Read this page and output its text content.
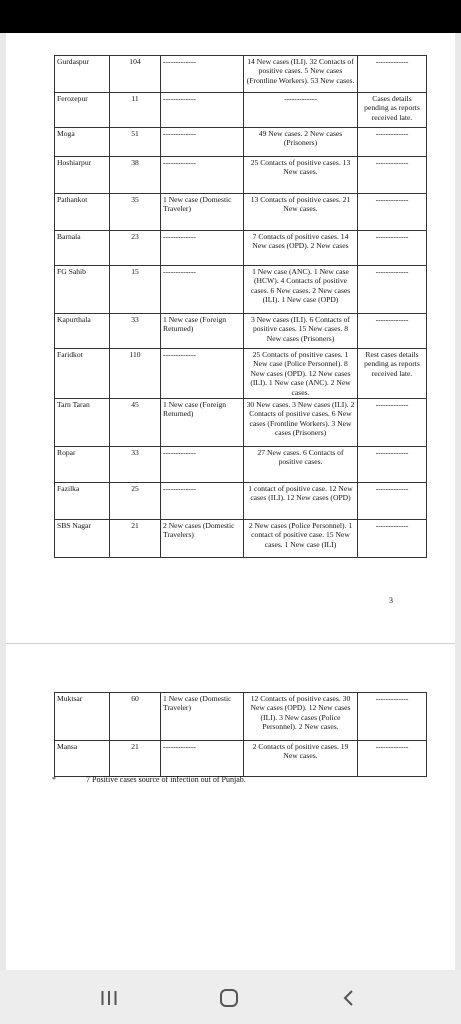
Gurdaspur	104	-------------	14 New cases (ILI). 32 Contacts of positive cases. 5 New cases (Frontline Workers). 53 New cases.	-------------
Ferozepur	11	-------------	-------------	Cases details pending as reports received late.
Moga	51	-------------	49 New cases. 2 New cases (Prisoners)	-------------
Hoshiarpur	38	-------------	25 Contacts of positive cases. 13 New cases.	-------------
Pathankot	35	1 New case (Domestic Traveler)	13 Contacts of positive cases. 21 New cases.	-------------
Barnala	23	-------------	7 Contacts of positive cases. 14 New cases (OPD). 2 New cases	-------------
FG Sahib	15	-------------	1 New case (ANC). 1 New case (HCW). 4 Contacts of positive cases. 6 New cases. 2 New cases (ILI). 1 New case (OPD)	-------------
Kapurthala	33	1 New case (Foreign Returned)	3 New cases (ILI). 6 Contacts of positive cases. 15 New cases. 8 New cases (Prisoners)	-------------
Faridkot	110	-------------	25 Contacts of positive cases. 1 New case (Police Personnel). 8 New cases (OPD). 12 New cases (ILI). 1 New case (ANC). 2 New cases.	Rest cases details pending as reports received late.
Tarn Taran	45	1 New case (Foreign Returned)	30 New cases. 3 New cases (ILI). 2 Contacts of positive cases. 6 New cases (Frontline Workers). 3 New cases (Prisoners)	-------------
Ropar	33	-------------	27 New cases. 6 Contacts of positive cases.	-------------
Fazilka	25	-------------	1 contact of positive case. 12 New cases (ILI). 12 New cases (OPD)	-------------
SBS Nagar	21	2 New cases (Domestic Travelers)	2 New cases (Police Personnel). 1 contact of positive case. 15 New cases. 1 New case (ILI)	-------------
3
Muktsar	60	1 New case (Domestic Traveler)	12 Contacts of positive cases. 30 New cases (OPD). 12 New cases (ILI). 3 New cases (Police Personnel). 2 New cases.	-------------
Mansa	21	-------------	2 Contacts of positive cases. 19 New cases.	-------------
*	7 Positive cases source of infection out of Punjab.
